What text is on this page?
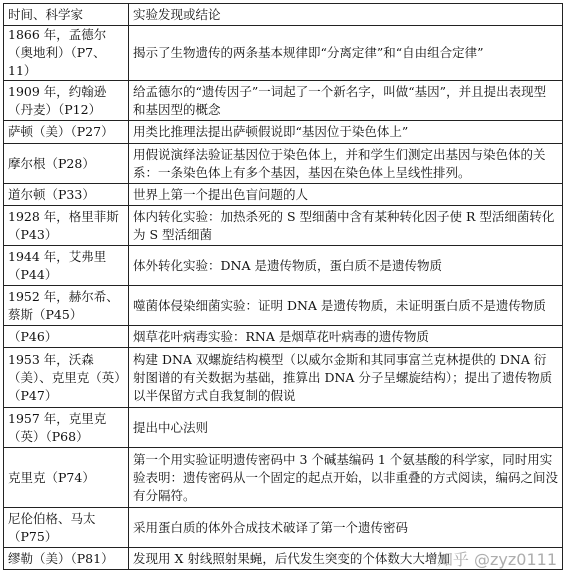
时间、科学家	实验发现或结论
1866 年，孟德尔（奥地利）（P7、11）	揭示了生物遗传的两条基本规律即“分离定律”和“自由组合定律”
1909 年，约翰逊（丹麦）（P12）	给孟德尔的“遗传因子”一词起了一个新名字，叫做“基因”，并且提出表现型和基因型的概念
萨顿（美）（P27）	用类比推理法提出萨顿假说即“基因位于染色体上”
摩尔根（P28）	用假说演绎法验证基因位于染色体上，并和学生们测定出基因与染色体的关系：一条染色体上有多个基因，基因在染色体上呈线性排列。
道尔顿（P33）	世界上第一个提出色盲问题的人
1928 年，格里菲斯（P43）	体内转化实验：加热杀死的 S 型细菌中含有某种转化因子使 R 型活细菌转化为 S 型活细菌
1944 年，艾弗里（P44）	体外转化实验：DNA 是遗传物质，蛋白质不是遗传物质
1952 年，赫尔希、蔡斯（P45）	噬菌体侵染细菌实验：证明 DNA 是遗传物质，未证明蛋白质不是遗传物质
（P46）	烟草花叶病毒实验：RNA 是烟草花叶病毒的遗传物质
1953 年，沃森（美）、克里克（英）（P47）	构建 DNA 双螺旋结构模型（以威尔金斯和其同事富兰克林提供的 DNA 衍射图谱的有关数据为基础，推算出 DNA 分子呈螺旋结构）；提出了遗传物质以半保留方式自我复制的假说
1957 年，克里克（英）（P68）	提出中心法则
克里克（P74）	第一个用实验证明遗传密码中 3 个碱基编码 1 个氨基酸的科学家，同时用实验表明：遗传密码从一个固定的起点开始，以非重叠的方式阅读，编码之间没有分隔符。
尼伦伯格、马太（P75）	采用蛋白质的体外合成技术破译了第一个遗传密码
缪勒（美）（P81）	发现用 X 射线照射果蝇，后代发生突变的个体数大大增加
知乎 @zyz0111
